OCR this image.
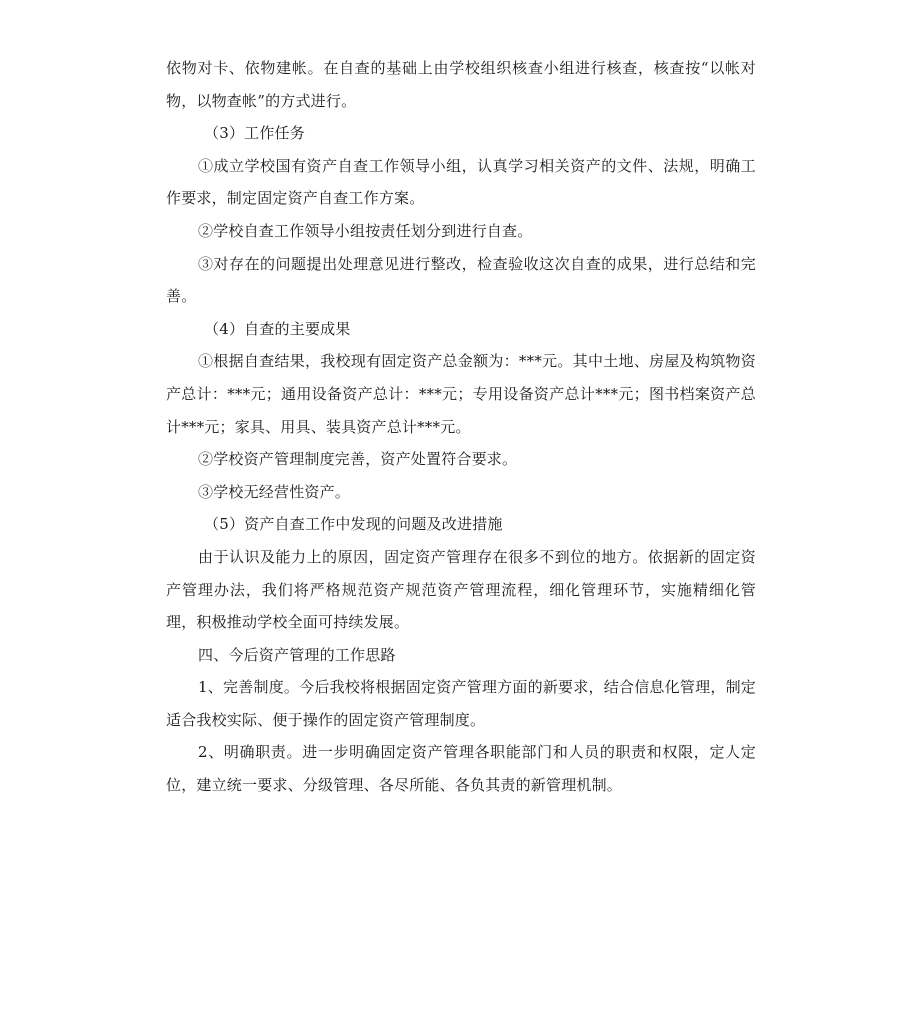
依物对卡、依物建帐。在自查的基础上由学校组织核查小组进行核查，核查按“以帐对物，以物查帐”的方式进行。

（3）工作任务

①成立学校国有资产自查工作领导小组，认真学习相关资产的文件、法规，明确工作要求，制定固定资产自查工作方案。

②学校自查工作领导小组按责任划分到进行自查。

③对存在的问题提出处理意见进行整改，检查验收这次自查的成果，进行总结和完善。

（4）自查的主要成果

①根据自查结果，我校现有固定资产总金额为：***元。其中土地、房屋及构筑物资产总计：***元；通用设备资产总计：***元；专用设备资产总计***元；图书档案资产总计***元；家具、用具、装具资产总计***元。

②学校资产管理制度完善，资产处置符合要求。

③学校无经营性资产。

（5）资产自查工作中发现的问题及改进措施

由于认识及能力上的原因，固定资产管理存在很多不到位的地方。依据新的固定资产管理办法，我们将严格规范资产规范资产管理流程，细化管理环节，实施精细化管理，积极推动学校全面可持续发展。

四、今后资产管理的工作思路

1、完善制度。今后我校将根据固定资产管理方面的新要求，结合信息化管理，制定适合我校实际、便于操作的固定资产管理制度。

2、明确职责。进一步明确固定资产管理各职能部门和人员的职责和权限，定人定位，建立统一要求、分级管理、各尽所能、各负其责的新管理机制。
